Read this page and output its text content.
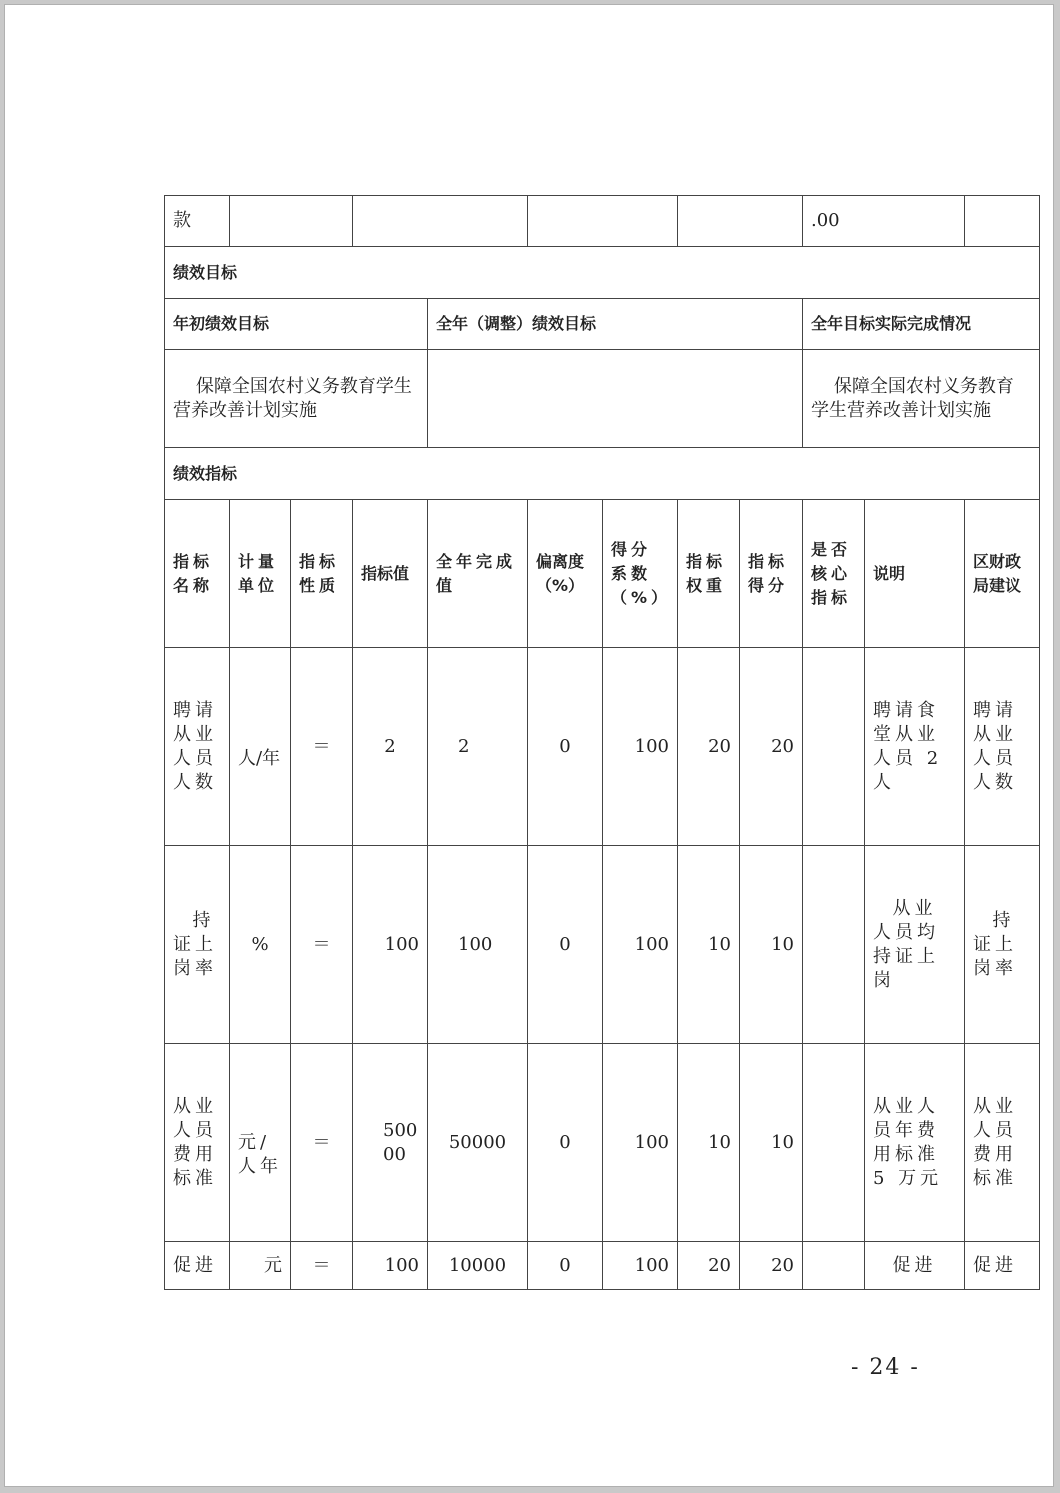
款									.00		
绩效目标											
年初绩效目标				全年（调整）绩效目标					全年目标实际完成情况		
保障全国农村义务教育学生营养改善计划实施									保障全国农村义务教育学生营养改善计划实施		
绩效指标											
指标名称	计量单位	指标性质	指标值	全年完成值	偏离度（%）	得分系数（%）	指标权重	指标得分	是否核心指标	说明	区财政局建议
聘请从业人员人数	人/年	＝	2	2	0	100	20	20		聘请食堂从业人员 2 人	聘请从业人员人数
持证上岗率	%	＝	100	100	0	100	10	10		从业人员均持证上岗	持证上岗率
从业人员费用标准	元/人年	＝	50000	50000	0	100	10	10		从业人员年费用标准 5 万元	从业人员费用标准
促进	元	＝	100	10000	0	100	20	20		促进	促进
- 24 -
